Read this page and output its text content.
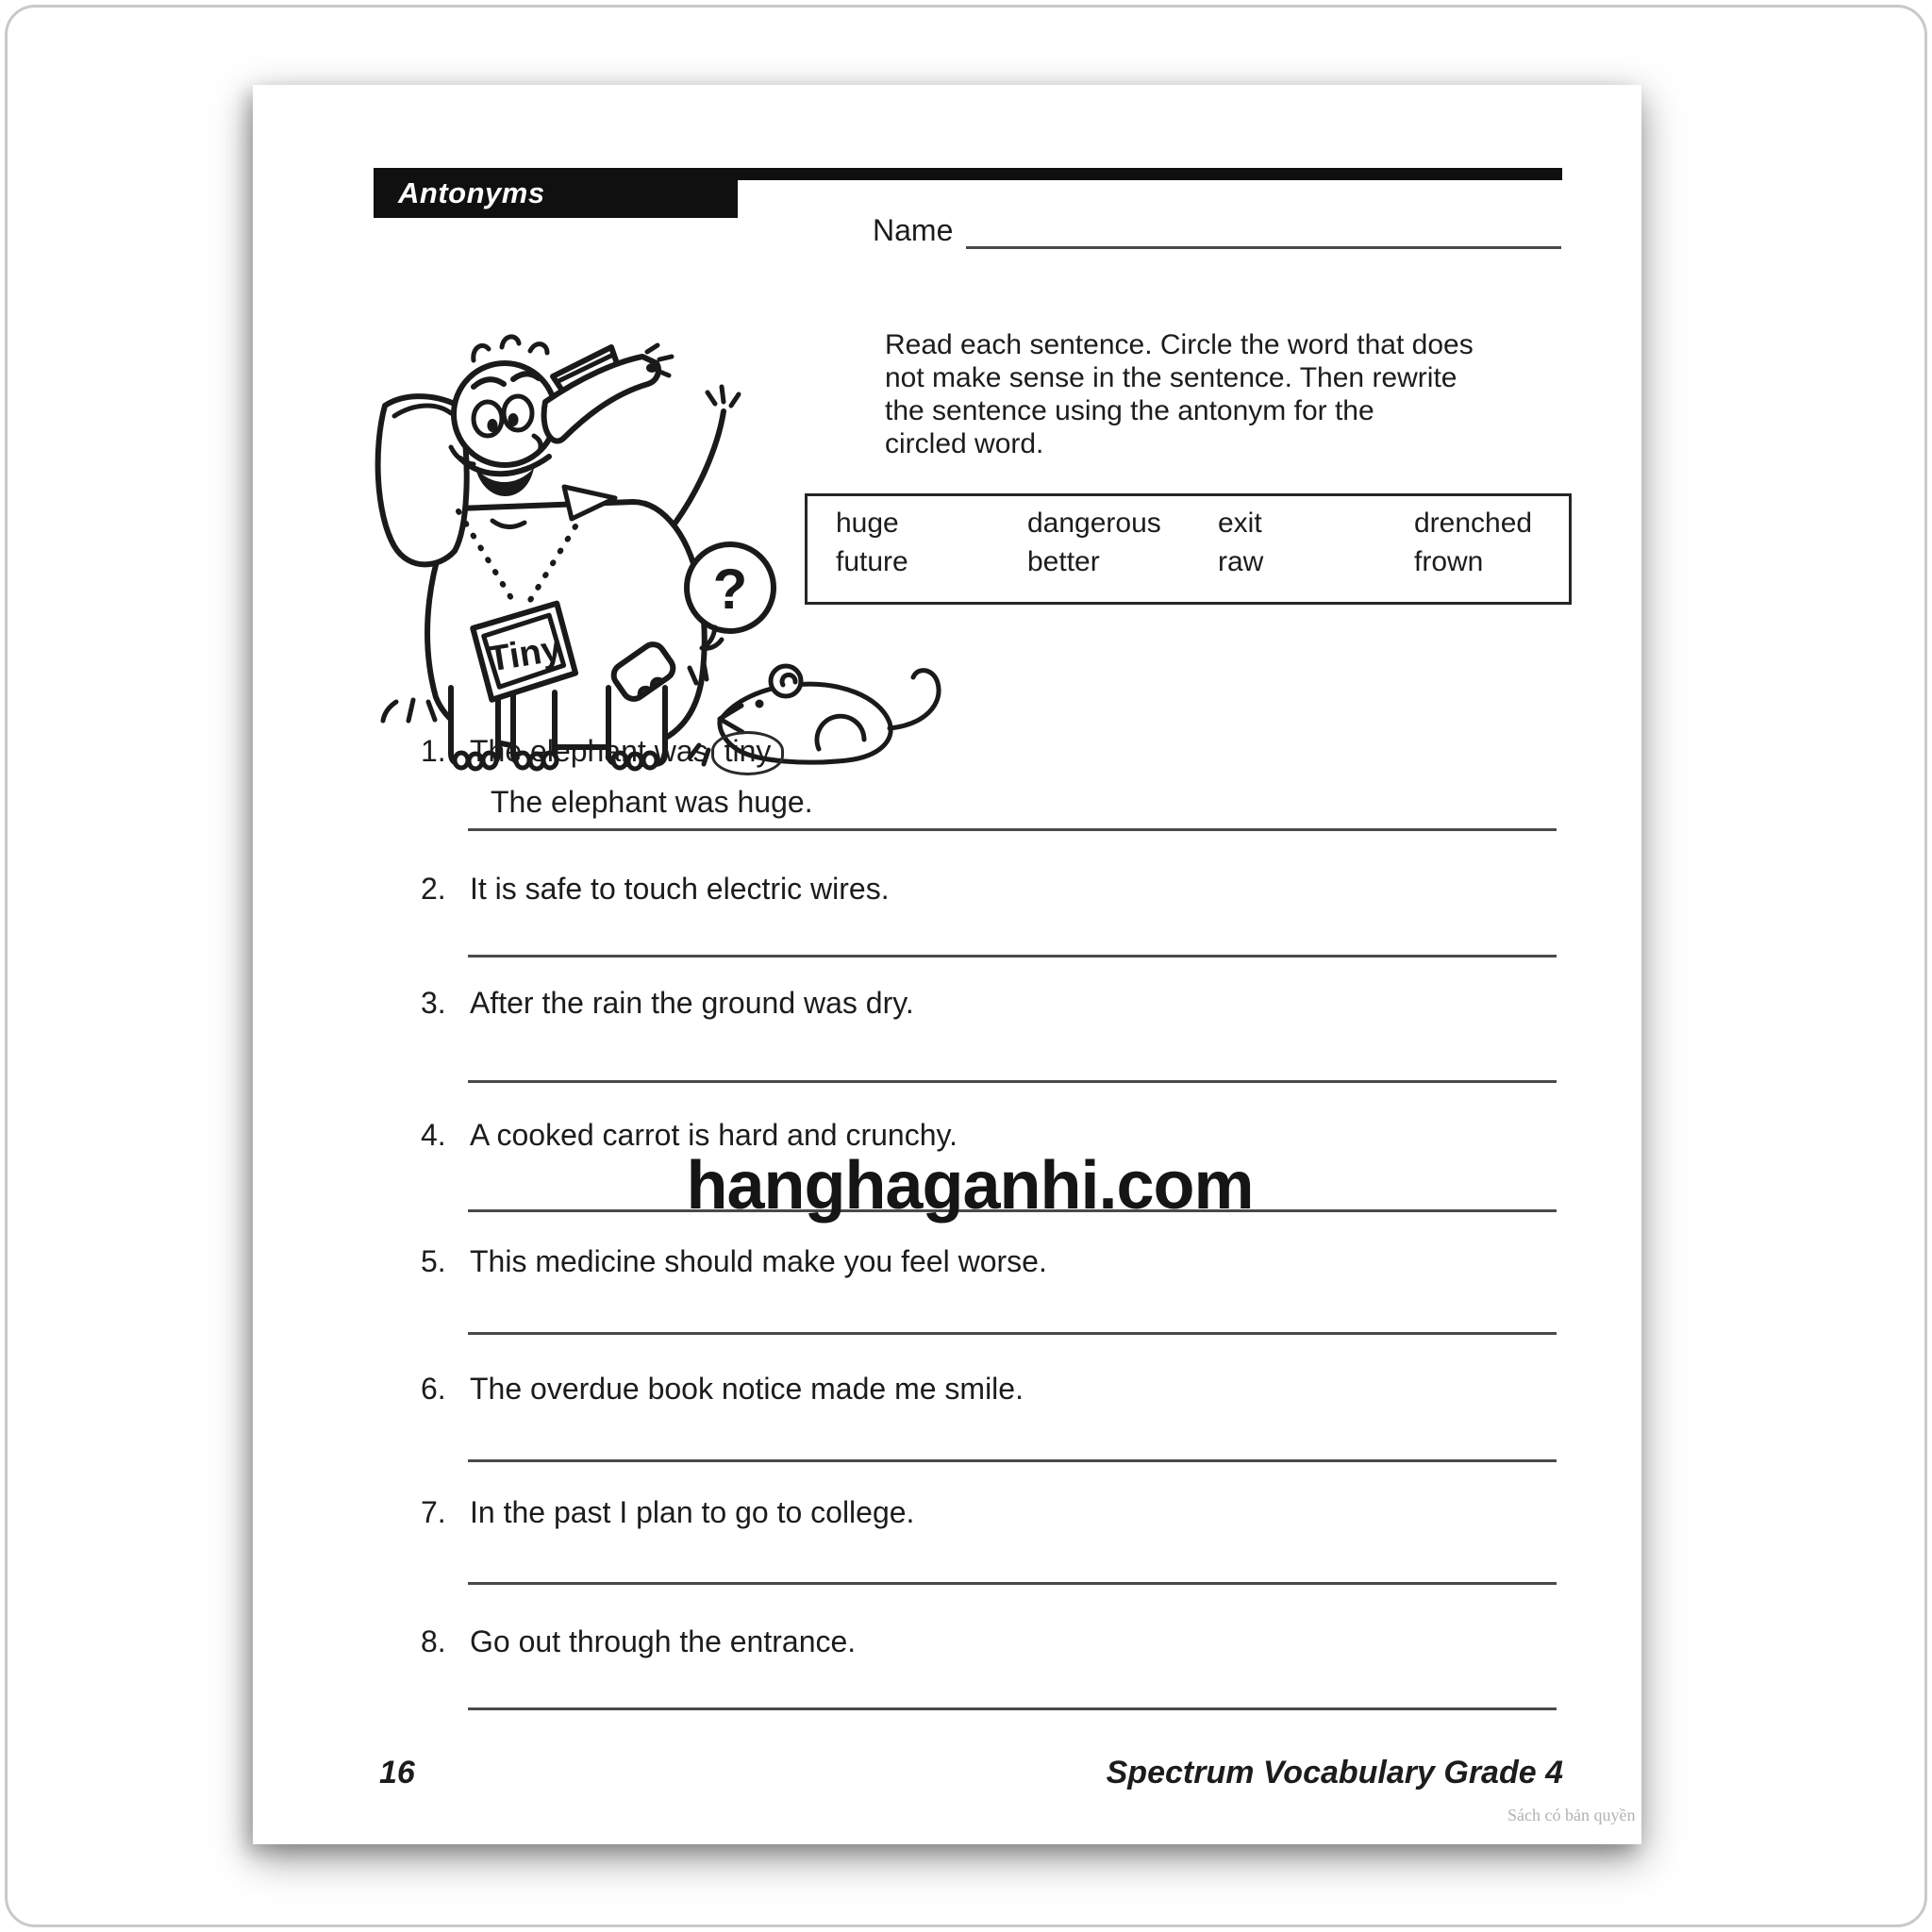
Antonyms
Name
Read each sentence. Circle the word that does
not make sense in the sentence. Then rewrite
the sentence using the antonym for the
circled word.
huge	dangerous	exit	drenched
future	better	raw	frown
Tiny
?
1. The elephant was tiny
The elephant was huge.
2. It is safe to touch electric wires.
3. After the rain the ground was dry.
4. A cooked carrot is hard and crunchy.
5. This medicine should make you feel worse.
6. The overdue book notice made me smile.
7. In the past I plan to go to college.
8. Go out through the entrance.
hanghaganhi.com
16	Spectrum Vocabulary Grade 4
Sách có bản quyền
